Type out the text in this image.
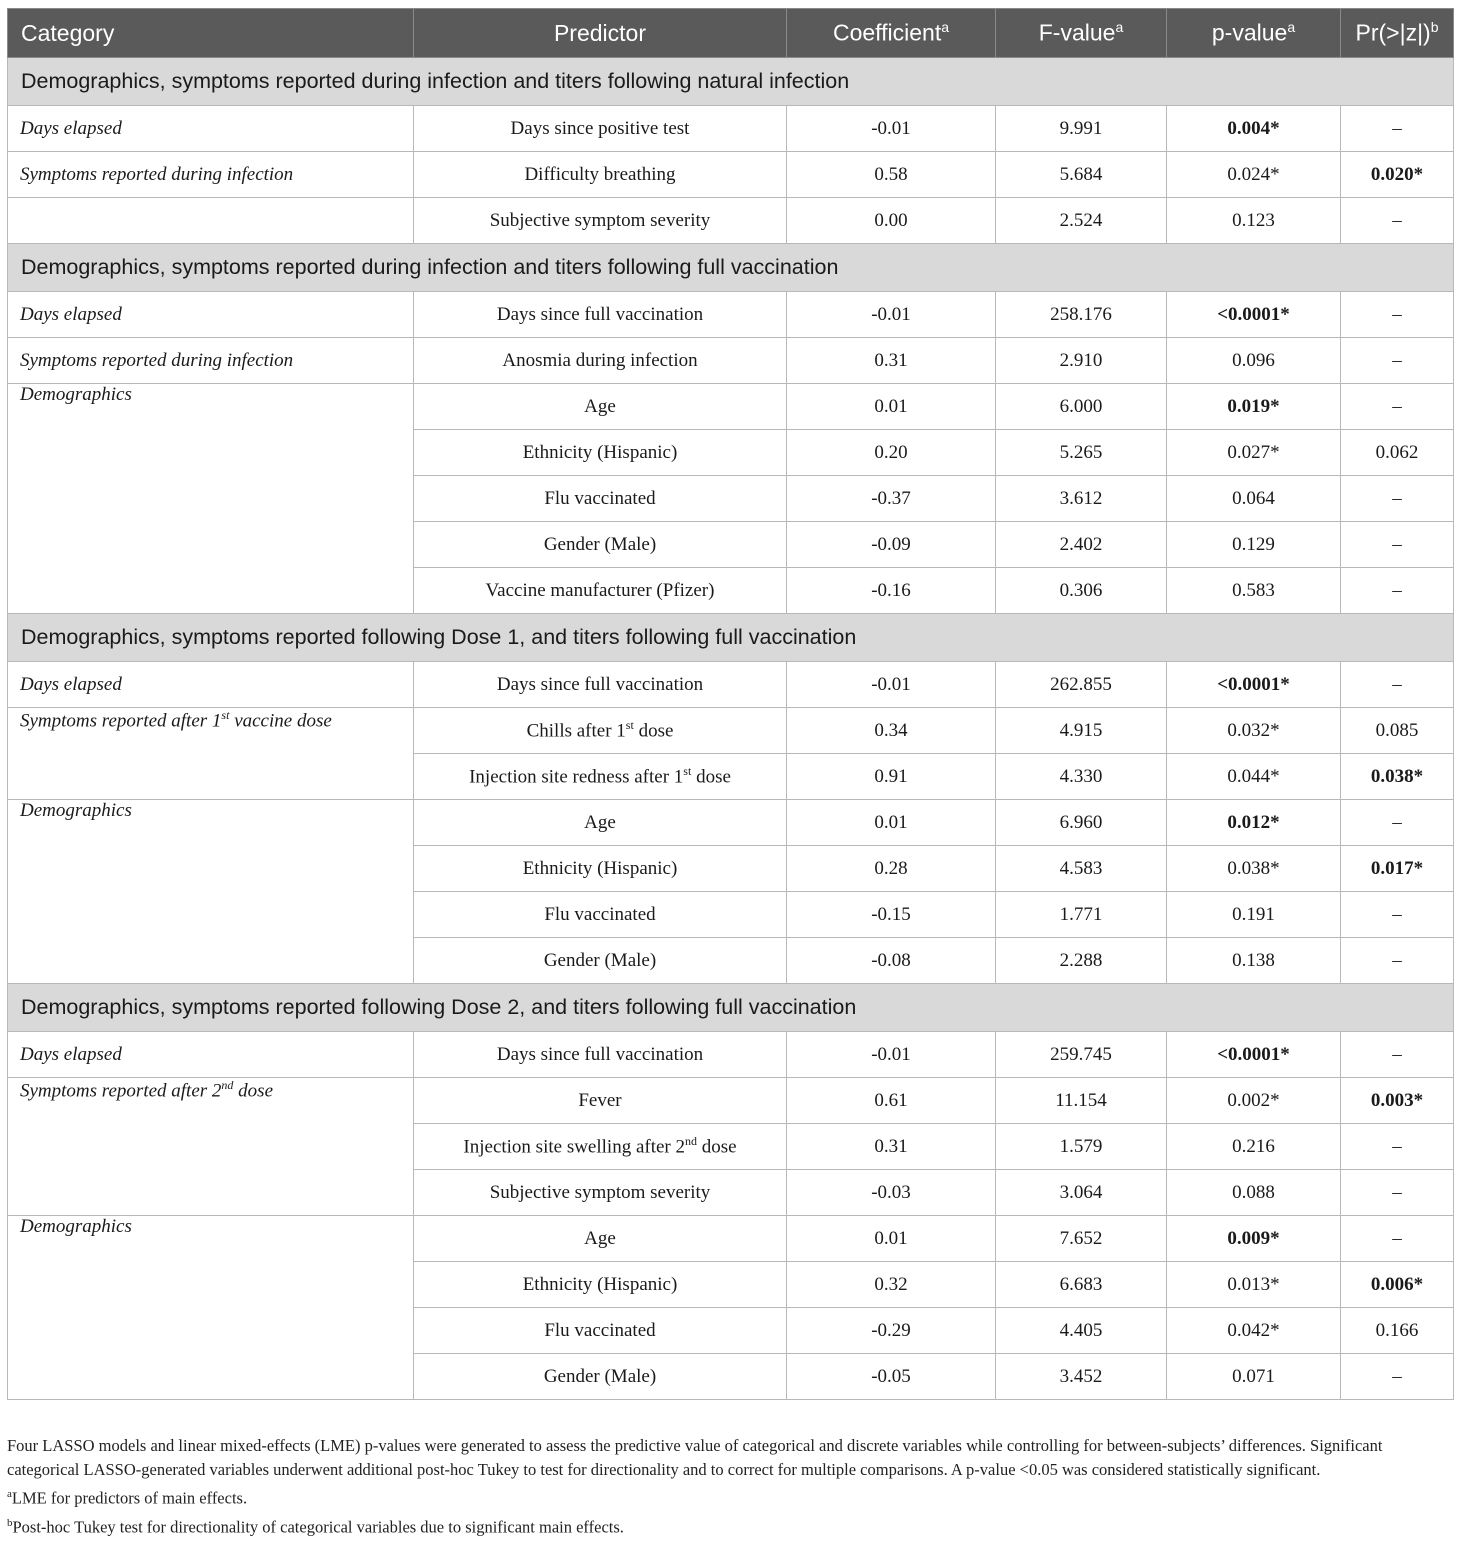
Category	Predictor	Coefficient$^a$	F-value$^a$	p-value$^a$	Pr(>|z|)$^b$
Demographics, symptoms reported during infection and titers following natural infection					
Days elapsed	Days since positive test	-0.01	9.991	0.004*	–
Symptoms reported during infection	Difficulty breathing	0.58	5.684	0.024*	0.020*
	Subjective symptom severity	0.00	2.524	0.123	–
Demographics, symptoms reported during infection and titers following full vaccination					
Days elapsed	Days since full vaccination	-0.01	258.176	<0.0001*	–
Symptoms reported during infection	Anosmia during infection	0.31	2.910	0.096	–
Demographics	Age	0.01	6.000	0.019*	–
	Ethnicity (Hispanic)	0.20	5.265	0.027*	0.062
	Flu vaccinated	-0.37	3.612	0.064	–
	Gender (Male)	-0.09	2.402	0.129	–
	Vaccine manufacturer (Pfizer)	-0.16	0.306	0.583	–
Demographics, symptoms reported following Dose 1, and titers following full vaccination					
Days elapsed	Days since full vaccination	-0.01	262.855	<0.0001*	–
Symptoms reported after 1st vaccine dose	Chills after 1st dose	0.34	4.915	0.032*	0.085
	Injection site redness after 1st dose	0.91	4.330	0.044*	0.038*
Demographics	Age	0.01	6.960	0.012*	–
	Ethnicity (Hispanic)	0.28	4.583	0.038*	0.017*
	Flu vaccinated	-0.15	1.771	0.191	–
	Gender (Male)	-0.08	2.288	0.138	–
Demographics, symptoms reported following Dose 2, and titers following full vaccination					
Days elapsed	Days since full vaccination	-0.01	259.745	<0.0001*	–
Symptoms reported after 2nd dose	Fever	0.61	11.154	0.002*	0.003*
	Injection site swelling after 2nd dose	0.31	1.579	0.216	–
	Subjective symptom severity	-0.03	3.064	0.088	–
Demographics	Age	0.01	7.652	0.009*	–
	Ethnicity (Hispanic)	0.32	6.683	0.013*	0.006*
	Flu vaccinated	-0.29	4.405	0.042*	0.166
	Gender (Male)	-0.05	3.452	0.071	–

Four LASSO models and linear mixed-effects (LME) p-values were generated to assess the predictive value of categorical and discrete variables while controlling for between-subjects’ differences. Significant categorical LASSO-generated variables underwent additional post-hoc Tukey to test for directionality and to correct for multiple comparisons. A p-value <0.05 was considered statistically significant.

$^a$LME for predictors of main effects.

$^b$Post-hoc Tukey test for directionality of categorical variables due to significant main effects.
